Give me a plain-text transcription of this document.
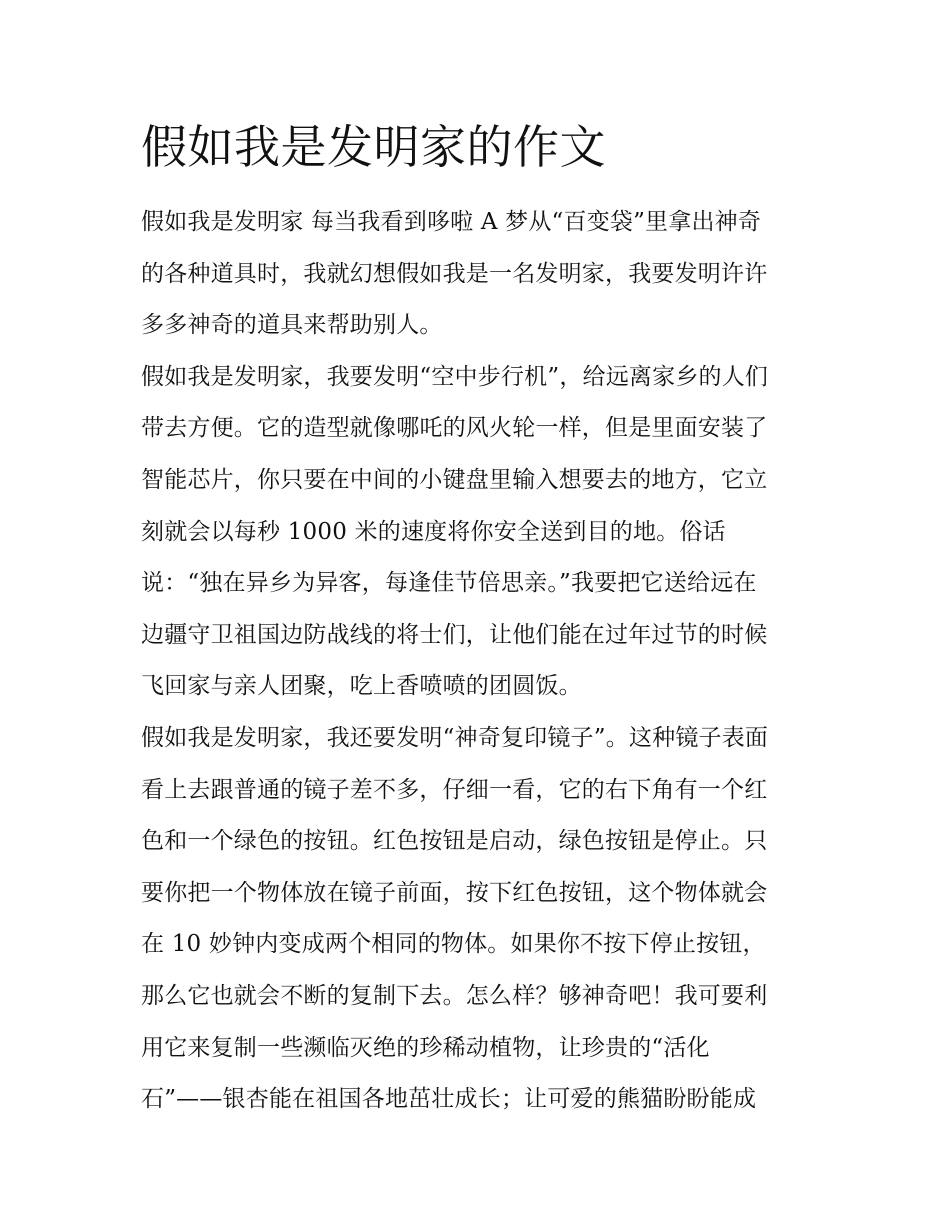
假如我是发明家的作文
假如我是发明家 每当我看到哆啦 A 梦从“百变袋”里拿出神奇
的各种道具时，我就幻想假如我是一名发明家，我要发明许许
多多神奇的道具来帮助别人。
假如我是发明家，我要发明“空中步行机”，给远离家乡的人们
带去方便。它的造型就像哪吒的风火轮一样，但是里面安装了
智能芯片，你只要在中间的小键盘里输入想要去的地方，它立
刻就会以每秒 1000 米的速度将你安全送到目的地。俗话
说：“独在异乡为异客，每逢佳节倍思亲。”我要把它送给远在
边疆守卫祖国边防战线的将士们，让他们能在过年过节的时候
飞回家与亲人团聚，吃上香喷喷的团圆饭。
假如我是发明家，我还要发明“神奇复印镜子”。这种镜子表面
看上去跟普通的镜子差不多，仔细一看，它的右下角有一个红
色和一个绿色的按钮。红色按钮是启动，绿色按钮是停止。只
要你把一个物体放在镜子前面，按下红色按钮，这个物体就会
在 10 妙钟内变成两个相同的物体。如果你不按下停止按钮，
那么它也就会不断的复制下去。怎么样？够神奇吧！我可要利
用它来复制一些濒临灭绝的珍稀动植物，让珍贵的“活化
石”——银杏能在祖国各地茁壮成长；让可爱的熊猫盼盼能成
